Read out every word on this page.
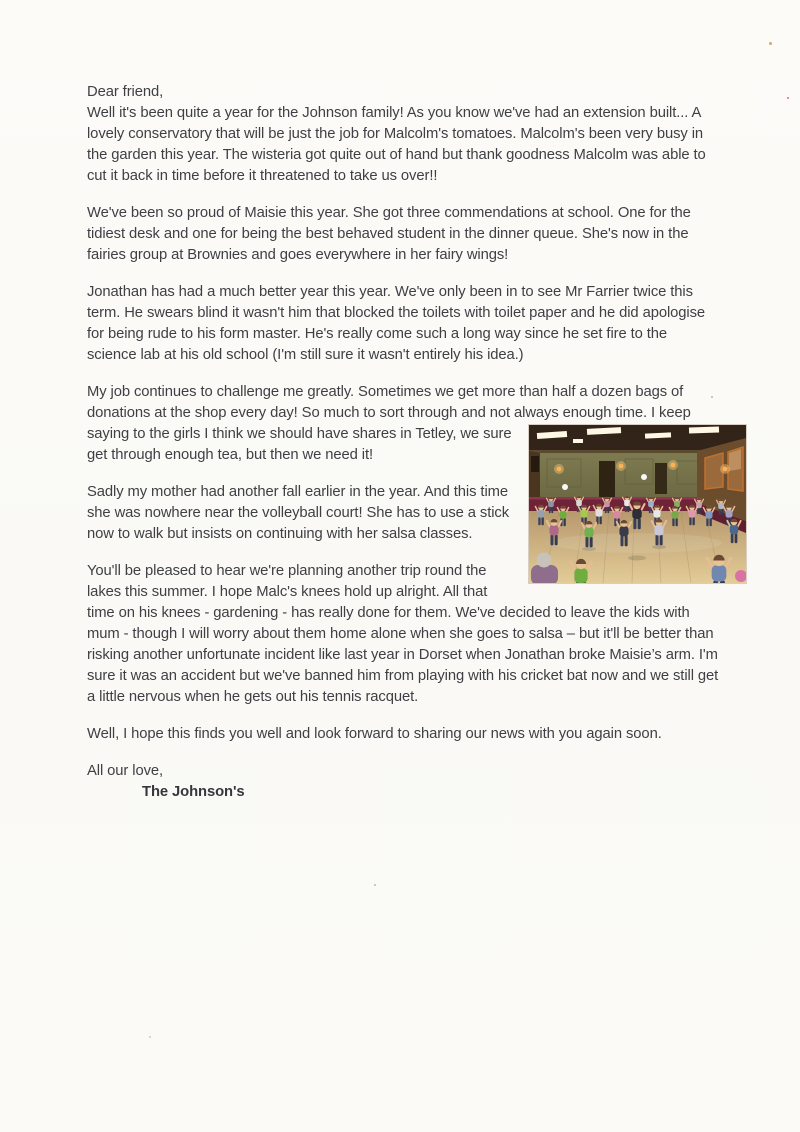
Dear friend,

Well it's been quite a year for the Johnson family! As you know we've had an extension built... A lovely conservatory that will be just the job for Malcolm's tomatoes. Malcolm's been very busy in the garden this year. The wisteria got quite out of hand but thank goodness Malcolm was able to cut it back in time before it threatened to take us over!!

We've been so proud of Maisie this year. She got three commendations at school. One for the tidiest desk and one for being the best behaved student in the dinner queue. She's now in the fairies group at Brownies and goes everywhere in her fairy wings!

Jonathan has had a much better year this year. We've only been in to see Mr Farrier twice this term. He swears blind it wasn't him that blocked the toilets with toilet paper and he did apologise for being rude to his form master. He's really come such a long way since he set fire to the science lab at his old school (I'm still sure it wasn't entirely his idea.)

My job continues to challenge me greatly. Sometimes we get more than half a dozen bags of donations at the shop every day! So much to sort through and not always enough time. I keep saying to the girls I think we should have shares in Tetley, we sure get through enough tea, but then we need it!

Sadly my mother had another fall earlier in the year. And this time she was nowhere near the volleyball court! She has to use a stick now to walk but insists on continuing with her salsa classes.

You'll be pleased to hear we're planning another trip round the lakes this summer. I hope Malc's knees hold up alright. All that time on his knees - gardening - has really done for them. We've decided to leave the kids with mum - though I will worry about them home alone when she goes to salsa – but it'll be better than risking another unfortunate incident like last year in Dorset when Jonathan broke Maisie’s arm. I'm sure it was an accident but we've banned him from playing with his cricket bat now and we still get a little nervous when he gets out his tennis racquet.

Well, I hope this finds you well and look forward to sharing our news with you again soon.

All our love,

The Johnson's
